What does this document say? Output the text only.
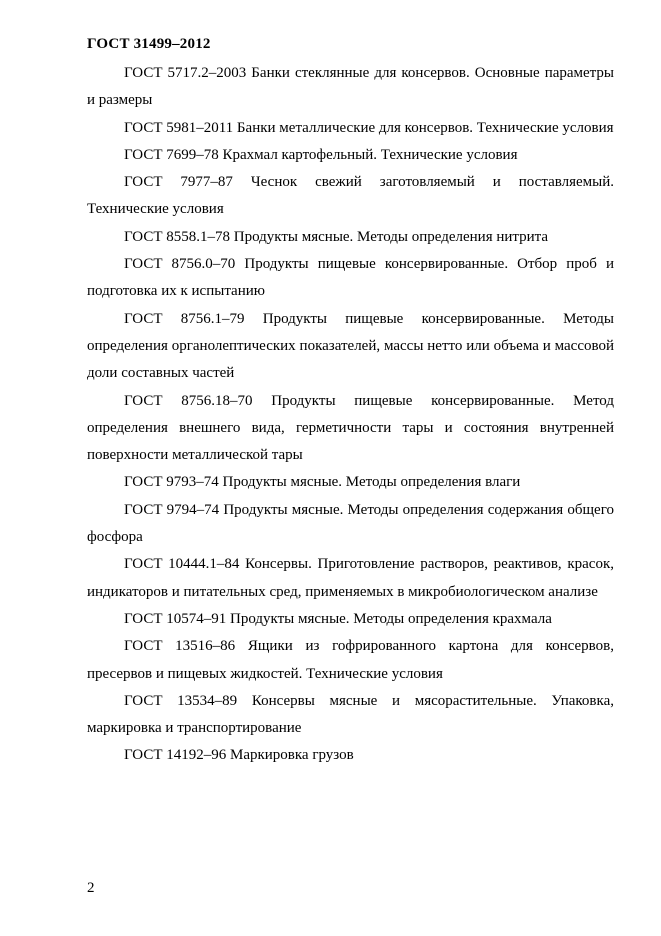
ГОСТ 31499–2012

ГОСТ 5717.2–2003 Банки стеклянные для консервов. Основные параметры и размеры

ГОСТ 5981–2011 Банки металлические для консервов. Технические условия

ГОСТ 7699–78 Крахмал картофельный. Технические условия

ГОСТ 7977–87 Чеснок свежий заготовляемый и поставляемый. Технические условия

ГОСТ 8558.1–78 Продукты мясные. Методы определения нитрита

ГОСТ 8756.0–70 Продукты пищевые консервированные. Отбор проб и подготовка их к испытанию

ГОСТ 8756.1–79 Продукты пищевые консервированные. Методы определения органолептических показателей, массы нетто или объема и массовой доли составных частей

ГОСТ 8756.18–70 Продукты пищевые консервированные. Метод определения внешнего вида, герметичности тары и состояния внутренней поверхности металлической тары

ГОСТ 9793–74 Продукты мясные. Методы определения влаги

ГОСТ 9794–74 Продукты мясные. Методы определения содержания общего фосфора

ГОСТ 10444.1–84 Консервы. Приготовление растворов, реактивов, красок, индикаторов и питательных сред, применяемых в микробиологическом анализе

ГОСТ 10574–91 Продукты мясные. Методы определения крахмала

ГОСТ 13516–86 Ящики из гофрированного картона для консервов, пресервов и пищевых жидкостей. Технические условия

ГОСТ 13534–89 Консервы мясные и мясорастительные. Упаковка, маркировка и транспортирование

ГОСТ 14192–96 Маркировка грузов

2
